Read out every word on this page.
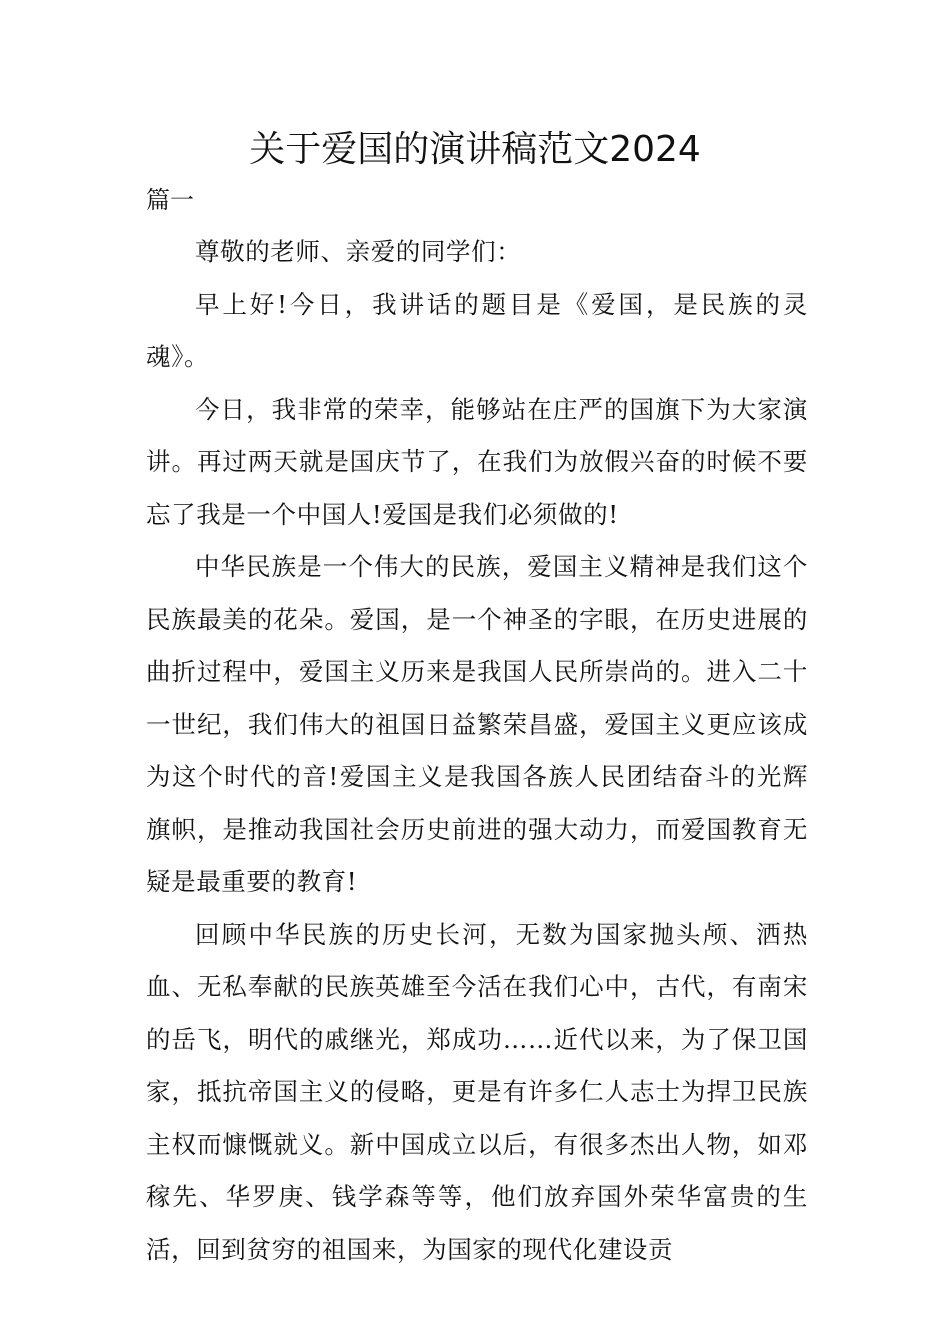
关于爱国的演讲稿范文2024

篇一

尊敬的老师、亲爱的同学们：

早上好!今日，我讲话的题目是《爱国，是民族的灵魂》。

今日，我非常的荣幸，能够站在庄严的国旗下为大家演讲。再过两天就是国庆节了，在我们为放假兴奋的时候不要忘了我是一个中国人!爱国是我们必须做的!

中华民族是一个伟大的民族，爱国主义精神是我们这个民族最美的花朵。爱国，是一个神圣的字眼，在历史进展的曲折过程中，爱国主义历来是我国人民所崇尚的。进入二十一世纪，我们伟大的祖国日益繁荣昌盛，爱国主义更应该成为这个时代的音!爱国主义是我国各族人民团结奋斗的光辉旗帜，是推动我国社会历史前进的强大动力，而爱国教育无疑是最重要的教育!

回顾中华民族的历史长河，无数为国家抛头颅、洒热血、无私奉献的民族英雄至今活在我们心中，古代，有南宋的岳飞，明代的戚继光，郑成功……近代以来，为了保卫国家，抵抗帝国主义的侵略，更是有许多仁人志士为捍卫民族主权而慷慨就义。新中国成立以后，有很多杰出人物，如邓稼先、华罗庚、钱学森等等，他们放弃国外荣华富贵的生活，回到贫穷的祖国来，为国家的现代化建设贡
